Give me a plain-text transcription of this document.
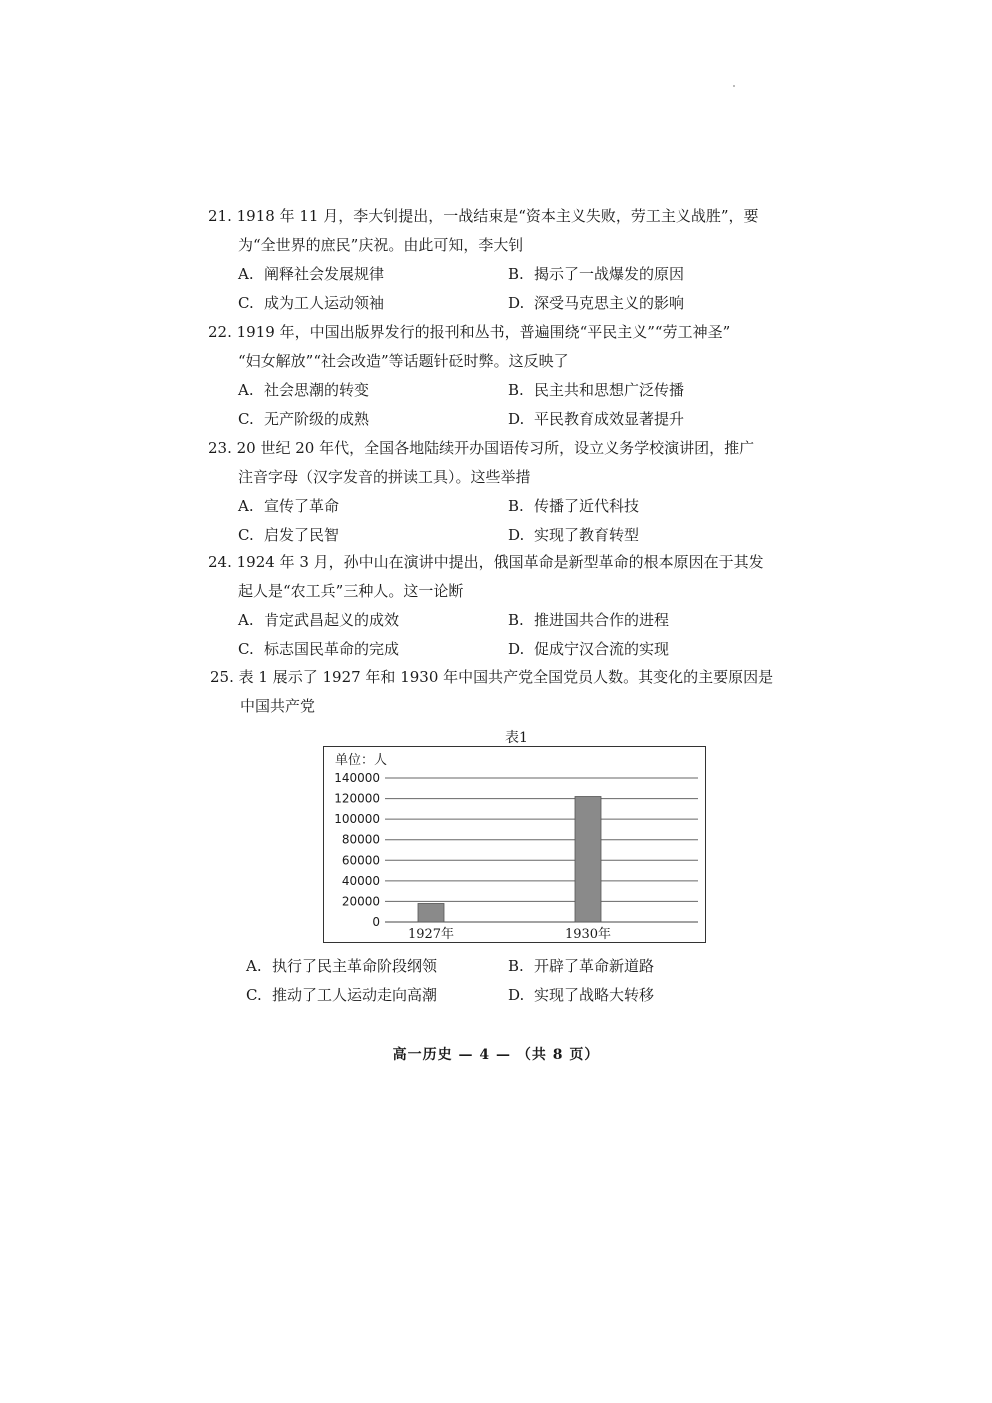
21. 1918 年 11 月，李大钊提出，一战结束是“资本主义失败，劳工主义战胜”，要
为“全世界的庶民”庆祝。由此可知，李大钊
A. 阐释社会发展规律	B. 揭示了一战爆发的原因
C. 成为工人运动领袖	D. 深受马克思主义的影响
22. 1919 年，中国出版界发行的报刊和丛书，普遍围绕“平民主义”“劳工神圣”
“妇女解放”“社会改造”等话题针砭时弊。这反映了
A. 社会思潮的转变	B. 民主共和思想广泛传播
C. 无产阶级的成熟	D. 平民教育成效显著提升
23. 20 世纪 20 年代，全国各地陆续开办国语传习所，设立义务学校演讲团，推广
注音字母（汉字发音的拼读工具）。这些举措
A. 宣传了革命	B. 传播了近代科技
C. 启发了民智	D. 实现了教育转型
24. 1924 年 3 月，孙中山在演讲中提出，俄国革命是新型革命的根本原因在于其发
起人是“农工兵”三种人。这一论断
A. 肯定武昌起义的成效	B. 推进国共合作的进程
C. 标志国民革命的完成	D. 促成宁汉合流的实现
25. 表 1 展示了 1927 年和 1930 年中国共产党全国党员人数。其变化的主要原因是
中国共产党
表1
单位：人
0
20000
40000
60000
80000
100000
120000
140000
1927年	1930年
A. 执行了民主革命阶段纲领	B. 开辟了革命新道路
C. 推动了工人运动走向高潮	D. 实现了战略大转移
高一历史 — 4 — （共 8 页）
